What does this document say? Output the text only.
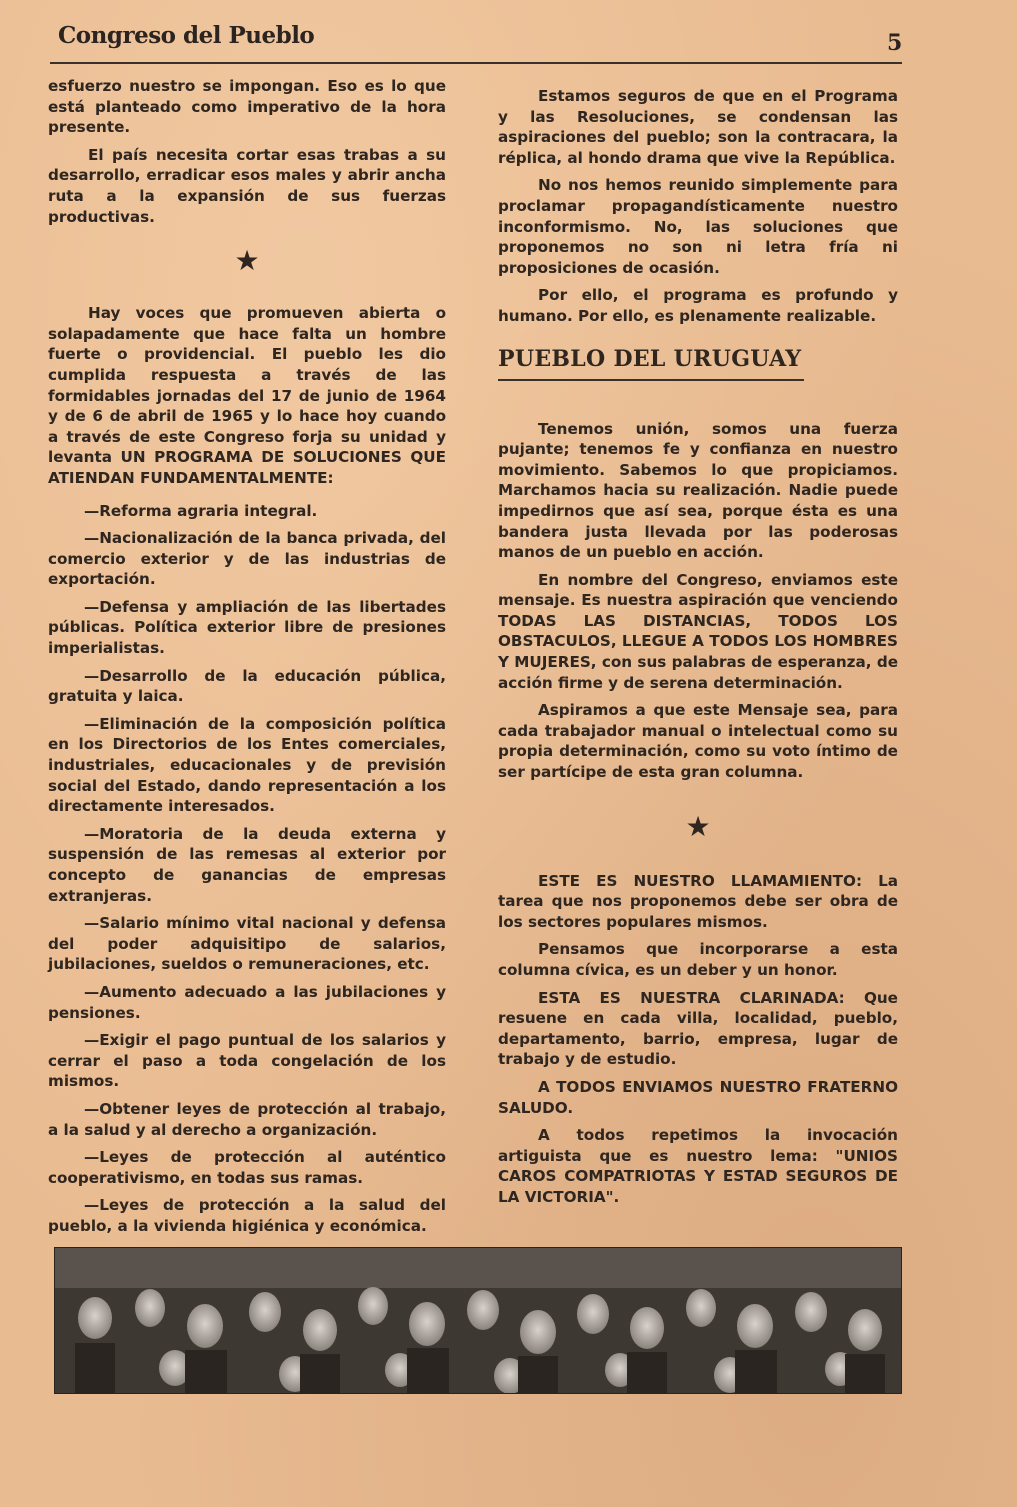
Congreso del Pueblo	5

esfuerzo nuestro se impongan. Eso es lo que está planteado como imperativo de la hora presente.

El país necesita cortar esas trabas a su desarrollo, erradicar esos males y abrir ancha ruta a la expansión de sus fuerzas productivas.

★

Hay voces que promueven abierta o solapadamente que hace falta un hombre fuerte o providencial. El pueblo les dio cumplida respuesta a través de las formidables jornadas del 17 de junio de 1964 y de 6 de abril de 1965 y lo hace hoy cuando a través de este Congreso forja su unidad y levanta UN PROGRAMA DE SOLUCIONES QUE ATIENDAN FUNDAMENTALMENTE:

—Reforma agraria integral.

—Nacionalización de la banca privada, del comercio exterior y de las industrias de exportación.

—Defensa y ampliación de las libertades públicas. Política exterior libre de presiones imperialistas.

—Desarrollo de la educación pública, gratuita y laica.

—Eliminación de la composición política en los Directorios de los Entes comerciales, industriales, educacionales y de previsión social del Estado, dando representación a los directamente interesados.

—Moratoria de la deuda externa y suspensión de las remesas al exterior por concepto de ganancias de empresas extranjeras.

—Salario mínimo vital nacional y defensa del poder adquisitipo de salarios, jubilaciones, sueldos o remuneraciones, etc.

—Aumento adecuado a las jubilaciones y pensiones.

—Exigir el pago puntual de los salarios y cerrar el paso a toda congelación de los mismos.

—Obtener leyes de protección al trabajo, a la salud y al derecho a organización.

—Leyes de protección al auténtico cooperativismo, en todas sus ramas.

—Leyes de protección a la salud del pueblo, a la vivienda higiénica y económica.

Estamos seguros de que en el Programa y las Resoluciones, se condensan las aspiraciones del pueblo; son la contracara, la réplica, al hondo drama que vive la República.

No nos hemos reunido simplemente para proclamar propagandísticamente nuestro inconformismo. No, las soluciones que proponemos no son ni letra fría ni proposiciones de ocasión.

Por ello, el programa es profundo y humano. Por ello, es plenamente realizable.

PUEBLO DEL URUGUAY

Tenemos unión, somos una fuerza pujante; tenemos fe y confianza en nuestro movimiento. Sabemos lo que propiciamos. Marchamos hacia su realización. Nadie puede impedirnos que así sea, porque ésta es una bandera justa llevada por las poderosas manos de un pueblo en acción.

En nombre del Congreso, enviamos este mensaje. Es nuestra aspiración que venciendo TODAS LAS DISTANCIAS, TODOS LOS OBSTACULOS, LLEGUE A TODOS LOS HOMBRES Y MUJERES, con sus palabras de esperanza, de acción firme y de serena determinación.

Aspiramos a que este Mensaje sea, para cada trabajador manual o intelectual como su propia determinación, como su voto íntimo de ser partícipe de esta gran columna.

★

ESTE ES NUESTRO LLAMAMIENTO: La tarea que nos proponemos debe ser obra de los sectores populares mismos.

Pensamos que incorporarse a esta columna cívica, es un deber y un honor.

ESTA ES NUESTRA CLARINADA: Que resuene en cada villa, localidad, pueblo, departamento, barrio, empresa, lugar de trabajo y de estudio.

A TODOS ENVIAMOS NUESTRO FRATERNO SALUDO.

A todos repetimos la invocación artiguista que es nuestro lema: "UNIOS CAROS COMPATRIOTAS Y ESTAD SEGUROS DE LA VICTORIA".
